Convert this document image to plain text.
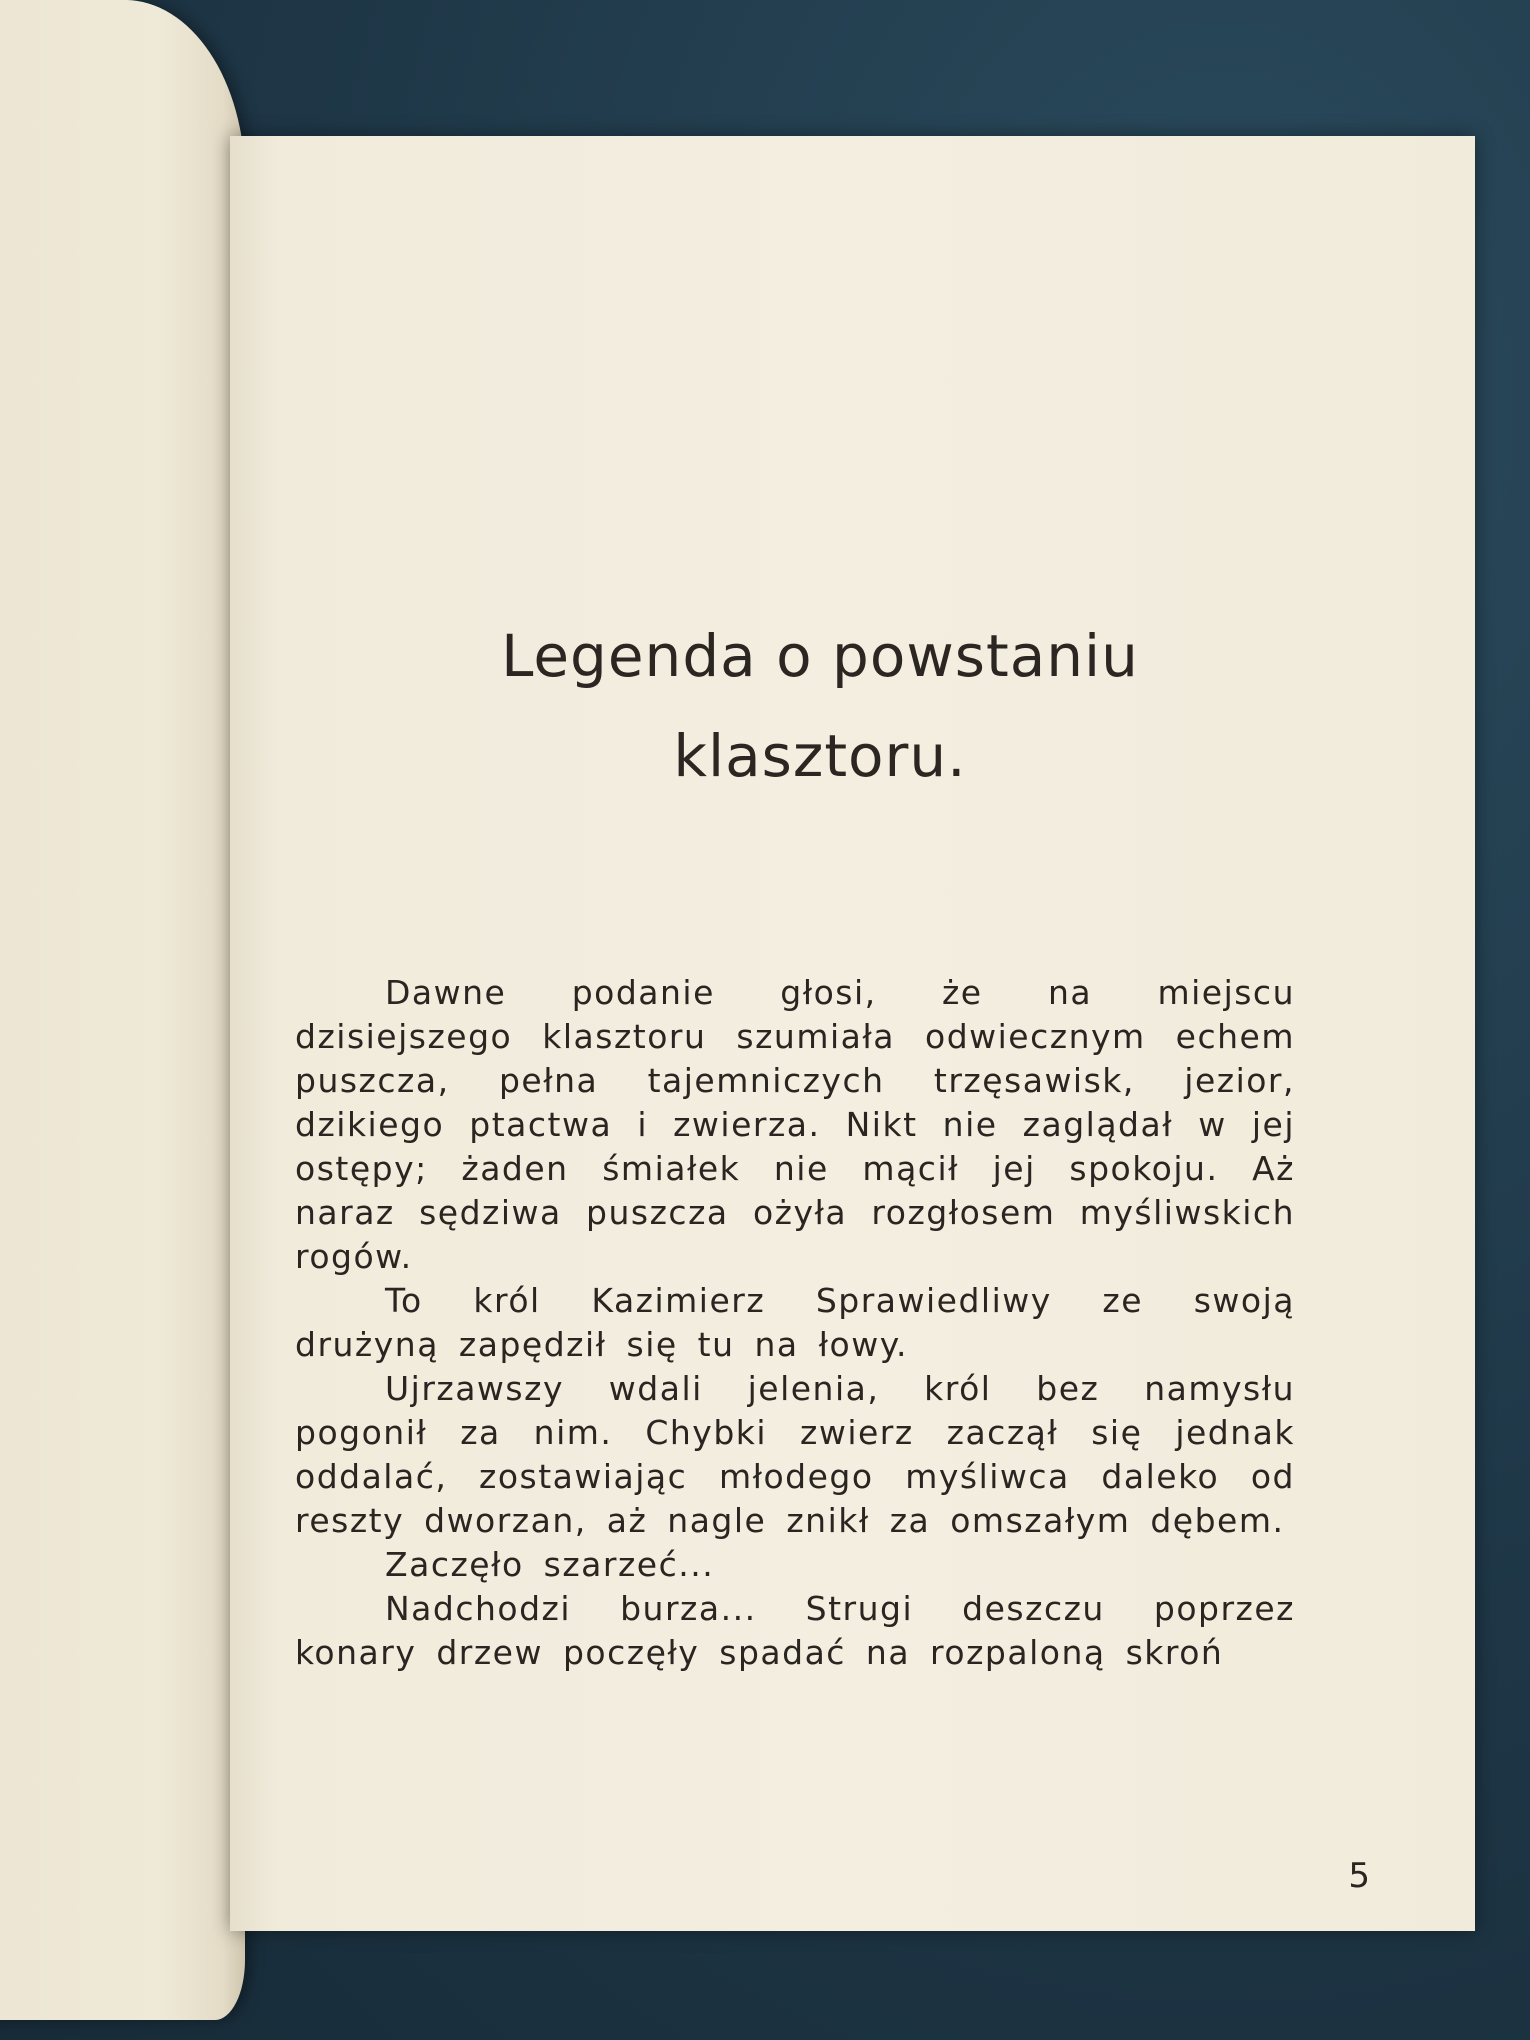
Legenda o powstaniu
klasztoru.

Dawne podanie głosi, że na miejscu dzisiejszego klasztoru szumiała odwiecznym echem puszcza, pełna tajemniczych trzęsawisk, jezior, dzikiego ptactwa i zwierza. Nikt nie zaglądał w jej ostępy; żaden śmiałek nie mącił jej spokoju. Aż naraz sędziwa puszcza ożyła rozgłosem myśliwskich rogów.

To król Kazimierz Sprawiedliwy ze swoją drużyną zapędził się tu na łowy.

Ujrzawszy wdali jelenia, król bez namysłu pogonił za nim. Chybki zwierz zaczął się jednak oddalać, zostawiając młodego myśliwca daleko od reszty dworzan, aż nagle znikł za omszałym dębem.

Zaczęło szarzeć...

Nadchodzi burza... Strugi deszczu poprzez konary drzew poczęły spadać na rozpaloną skroń

5
